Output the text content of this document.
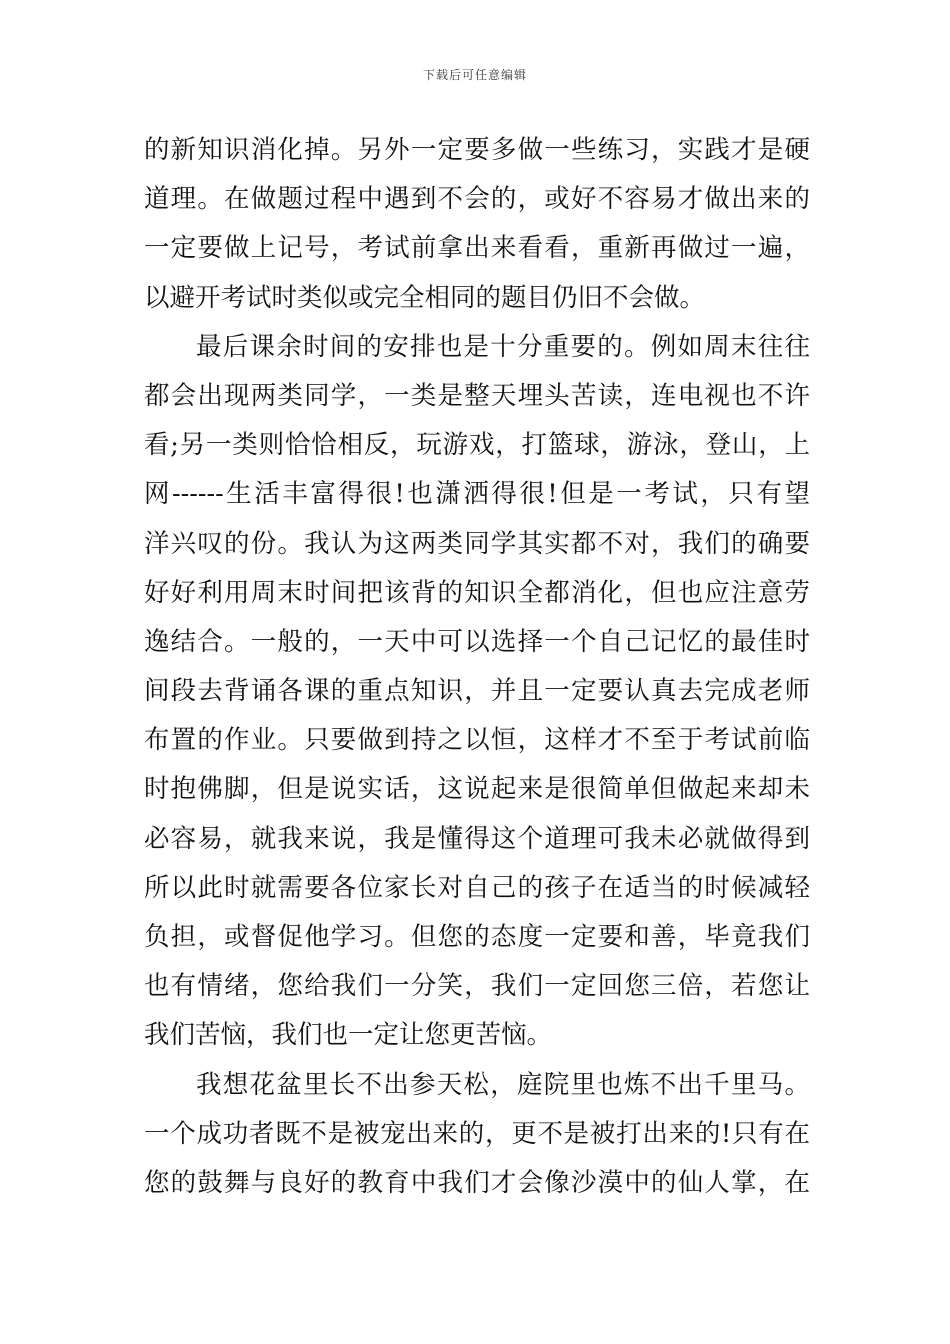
下载后可任意编辑
的新知识消化掉。另外一定要多做一些练习，实践才是硬
道理。在做题过程中遇到不会的，或好不容易才做出来的
一定要做上记号，考试前拿出来看看，重新再做过一遍，
以避开考试时类似或完全相同的题目仍旧不会做。
最后课余时间的安排也是十分重要的。例如周末往往
都会出现两类同学，一类是整天埋头苦读，连电视也不许
看;另一类则恰恰相反，玩游戏，打篮球，游泳，登山，上
网------生活丰富得很!也潇洒得很!但是一考试，只有望
洋兴叹的份。我认为这两类同学其实都不对，我们的确要
好好利用周末时间把该背的知识全都消化，但也应注意劳
逸结合。一般的，一天中可以选择一个自己记忆的最佳时
间段去背诵各课的重点知识，并且一定要认真去完成老师
布置的作业。只要做到持之以恒，这样才不至于考试前临
时抱佛脚，但是说实话，这说起来是很简单但做起来却未
必容易，就我来说，我是懂得这个道理可我未必就做得到
所以此时就需要各位家长对自己的孩子在适当的时候减轻
负担，或督促他学习。但您的态度一定要和善，毕竟我们
也有情绪，您给我们一分笑，我们一定回您三倍，若您让
我们苦恼，我们也一定让您更苦恼。
我想花盆里长不出参天松，庭院里也炼不出千里马。
一个成功者既不是被宠出来的，更不是被打出来的!只有在
您的鼓舞与良好的教育中我们才会像沙漠中的仙人掌，在
